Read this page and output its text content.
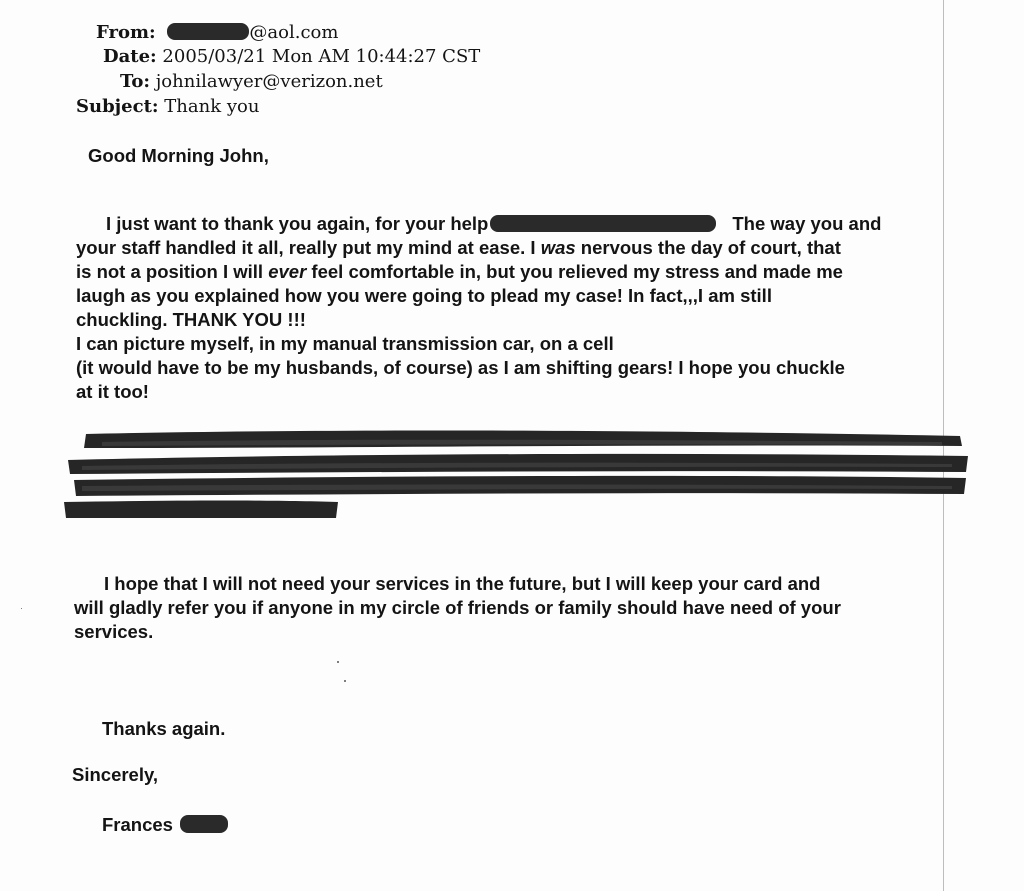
From:	@aol.com
Date: 2005/03/21 Mon AM 10:44:27 CST
To: johnilawyer@verizon.net
Subject: Thank you
Good Morning John,
I just want to thank you again, for your help	The way you and
your staff handled it all, really put my mind at ease. I was nervous the day of court, that
is not a position I will ever feel comfortable in, but you relieved my stress and made me
laugh as you explained how you were going to plead my case! In fact,,,I am still
chuckling. THANK YOU !!!
I can picture myself, in my manual transmission car, on a cell
(it would have to be my husbands, of course) as I am shifting gears! I hope you chuckle
at it too!
I hope that I will not need your services in the future, but I will keep your card and
will gladly refer you if anyone in my circle of friends or family should have need of your
services.
Thanks again.
Sincerely,
Frances
